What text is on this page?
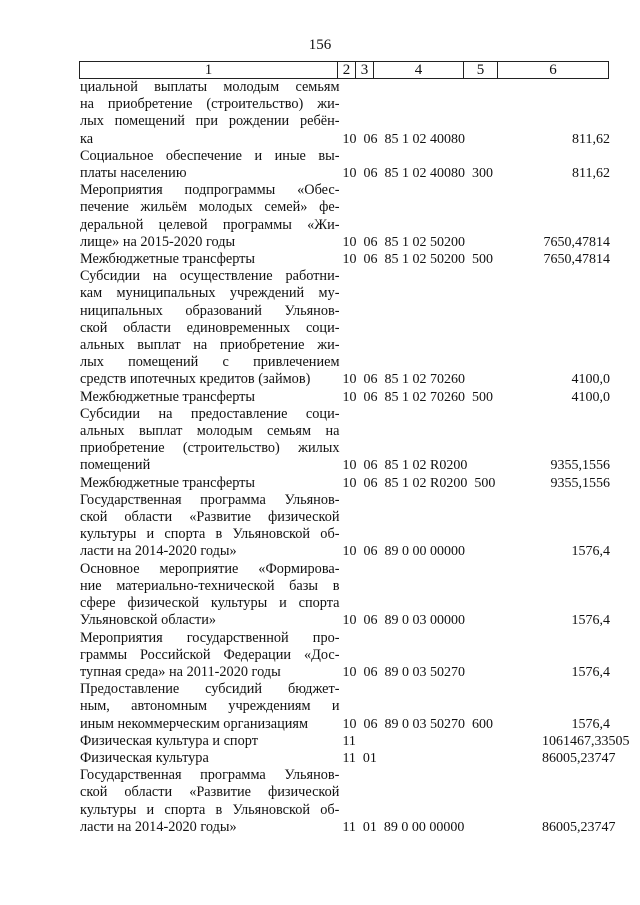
156
1	2 3	4	5	6
циальной выплаты молодым семьям
на приобретение (строительство) жи-
лых помещений при рождении ребён-
ка	10  06  85 1 02 40080	811,62
Социальное обеспечение и иные вы-
платы населению	10  06  85 1 02 40080  300	811,62
Мероприятия подпрограммы «Обес-
печение жильём молодых семей» фе-
деральной целевой программы «Жи-
лище» на 2015-2020 годы	10  06  85 1 02 50200	7650,47814
Межбюджетные трансферты	10  06  85 1 02 50200  500	7650,47814
Субсидии на осуществление работни-
кам муниципальных учреждений му-
ниципальных образований Ульянов-
ской области единовременных соци-
альных выплат на приобретение жи-
лых помещений с привлечением
средств ипотечных кредитов (займов)	10  06  85 1 02 70260	4100,0
Межбюджетные трансферты	10  06  85 1 02 70260  500	4100,0
Субсидии на предоставление соци-
альных выплат молодым семьям на
приобретение (строительство) жилых
помещений	10  06  85 1 02 R0200	9355,1556
Межбюджетные трансферты	10  06  85 1 02 R0200  500	9355,1556
Государственная программа Ульянов-
ской области «Развитие физической
культуры и спорта в Ульяновской об-
ласти на 2014-2020 годы»	10  06  89 0 00 00000	1576,4
Основное мероприятие «Формирова-
ние материально-технической базы в
сфере физической культуры и спорта
Ульяновской области»	10  06  89 0 03 00000	1576,4
Мероприятия государственной про-
граммы Российской Федерации «Дос-
тупная среда» на 2011-2020 годы	10  06  89 0 03 50270	1576,4
Предоставление субсидий бюджет-
ным, автономным учреждениям и
иным некоммерческим организациям	10  06  89 0 03 50270  600	1576,4
Физическая культура и спорт	11	1061467,33505
Физическая культура	11  01	86005,23747
Государственная программа Ульянов-
ской области «Развитие физической
культуры и спорта в Ульяновской об-
ласти на 2014-2020 годы»	11  01  89 0 00 00000	86005,23747
